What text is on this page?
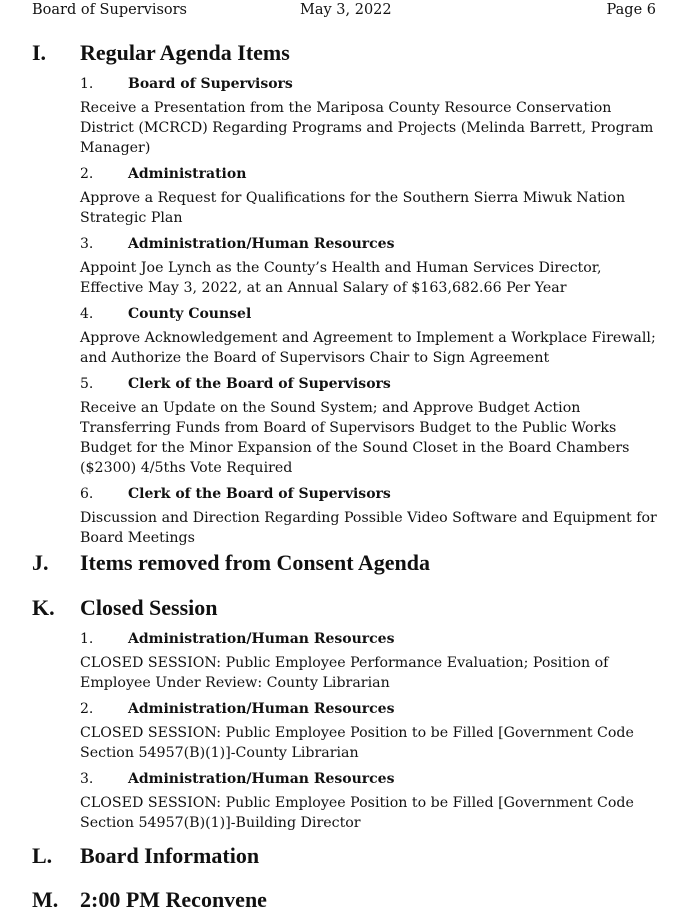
Board of Supervisors	May 3, 2022	Page 6
I.	Regular Agenda Items
1.	Board of Supervisors
Receive a Presentation from the Mariposa County Resource Conservation District (MCRCD) Regarding Programs and Projects (Melinda Barrett, Program Manager)
2.	Administration
Approve a Request for Qualifications for the Southern Sierra Miwuk Nation Strategic Plan
3.	Administration/Human Resources
Appoint Joe Lynch as the County’s Health and Human Services Director, Effective May 3, 2022, at an Annual Salary of $163,682.66 Per Year
4.	County Counsel
Approve Acknowledgement and Agreement to Implement a Workplace Firewall; and Authorize the Board of Supervisors Chair to Sign Agreement
5.	Clerk of the Board of Supervisors
Receive an Update on the Sound System; and Approve Budget Action Transferring Funds from Board of Supervisors Budget to the Public Works Budget for the Minor Expansion of the Sound Closet in the Board Chambers ($2300) 4/5ths Vote Required
6.	Clerk of the Board of Supervisors
Discussion and Direction Regarding Possible Video Software and Equipment for Board Meetings
J.	Items removed from Consent Agenda
K.	Closed Session
1.	Administration/Human Resources
CLOSED SESSION: Public Employee Performance Evaluation; Position of Employee Under Review: County Librarian
2.	Administration/Human Resources
CLOSED SESSION: Public Employee Position to be Filled [Government Code Section 54957(B)(1)]-County Librarian
3.	Administration/Human Resources
CLOSED SESSION: Public Employee Position to be Filled [Government Code Section 54957(B)(1)]-Building Director
L.	Board Information
M. 2:00 PM Reconvene
